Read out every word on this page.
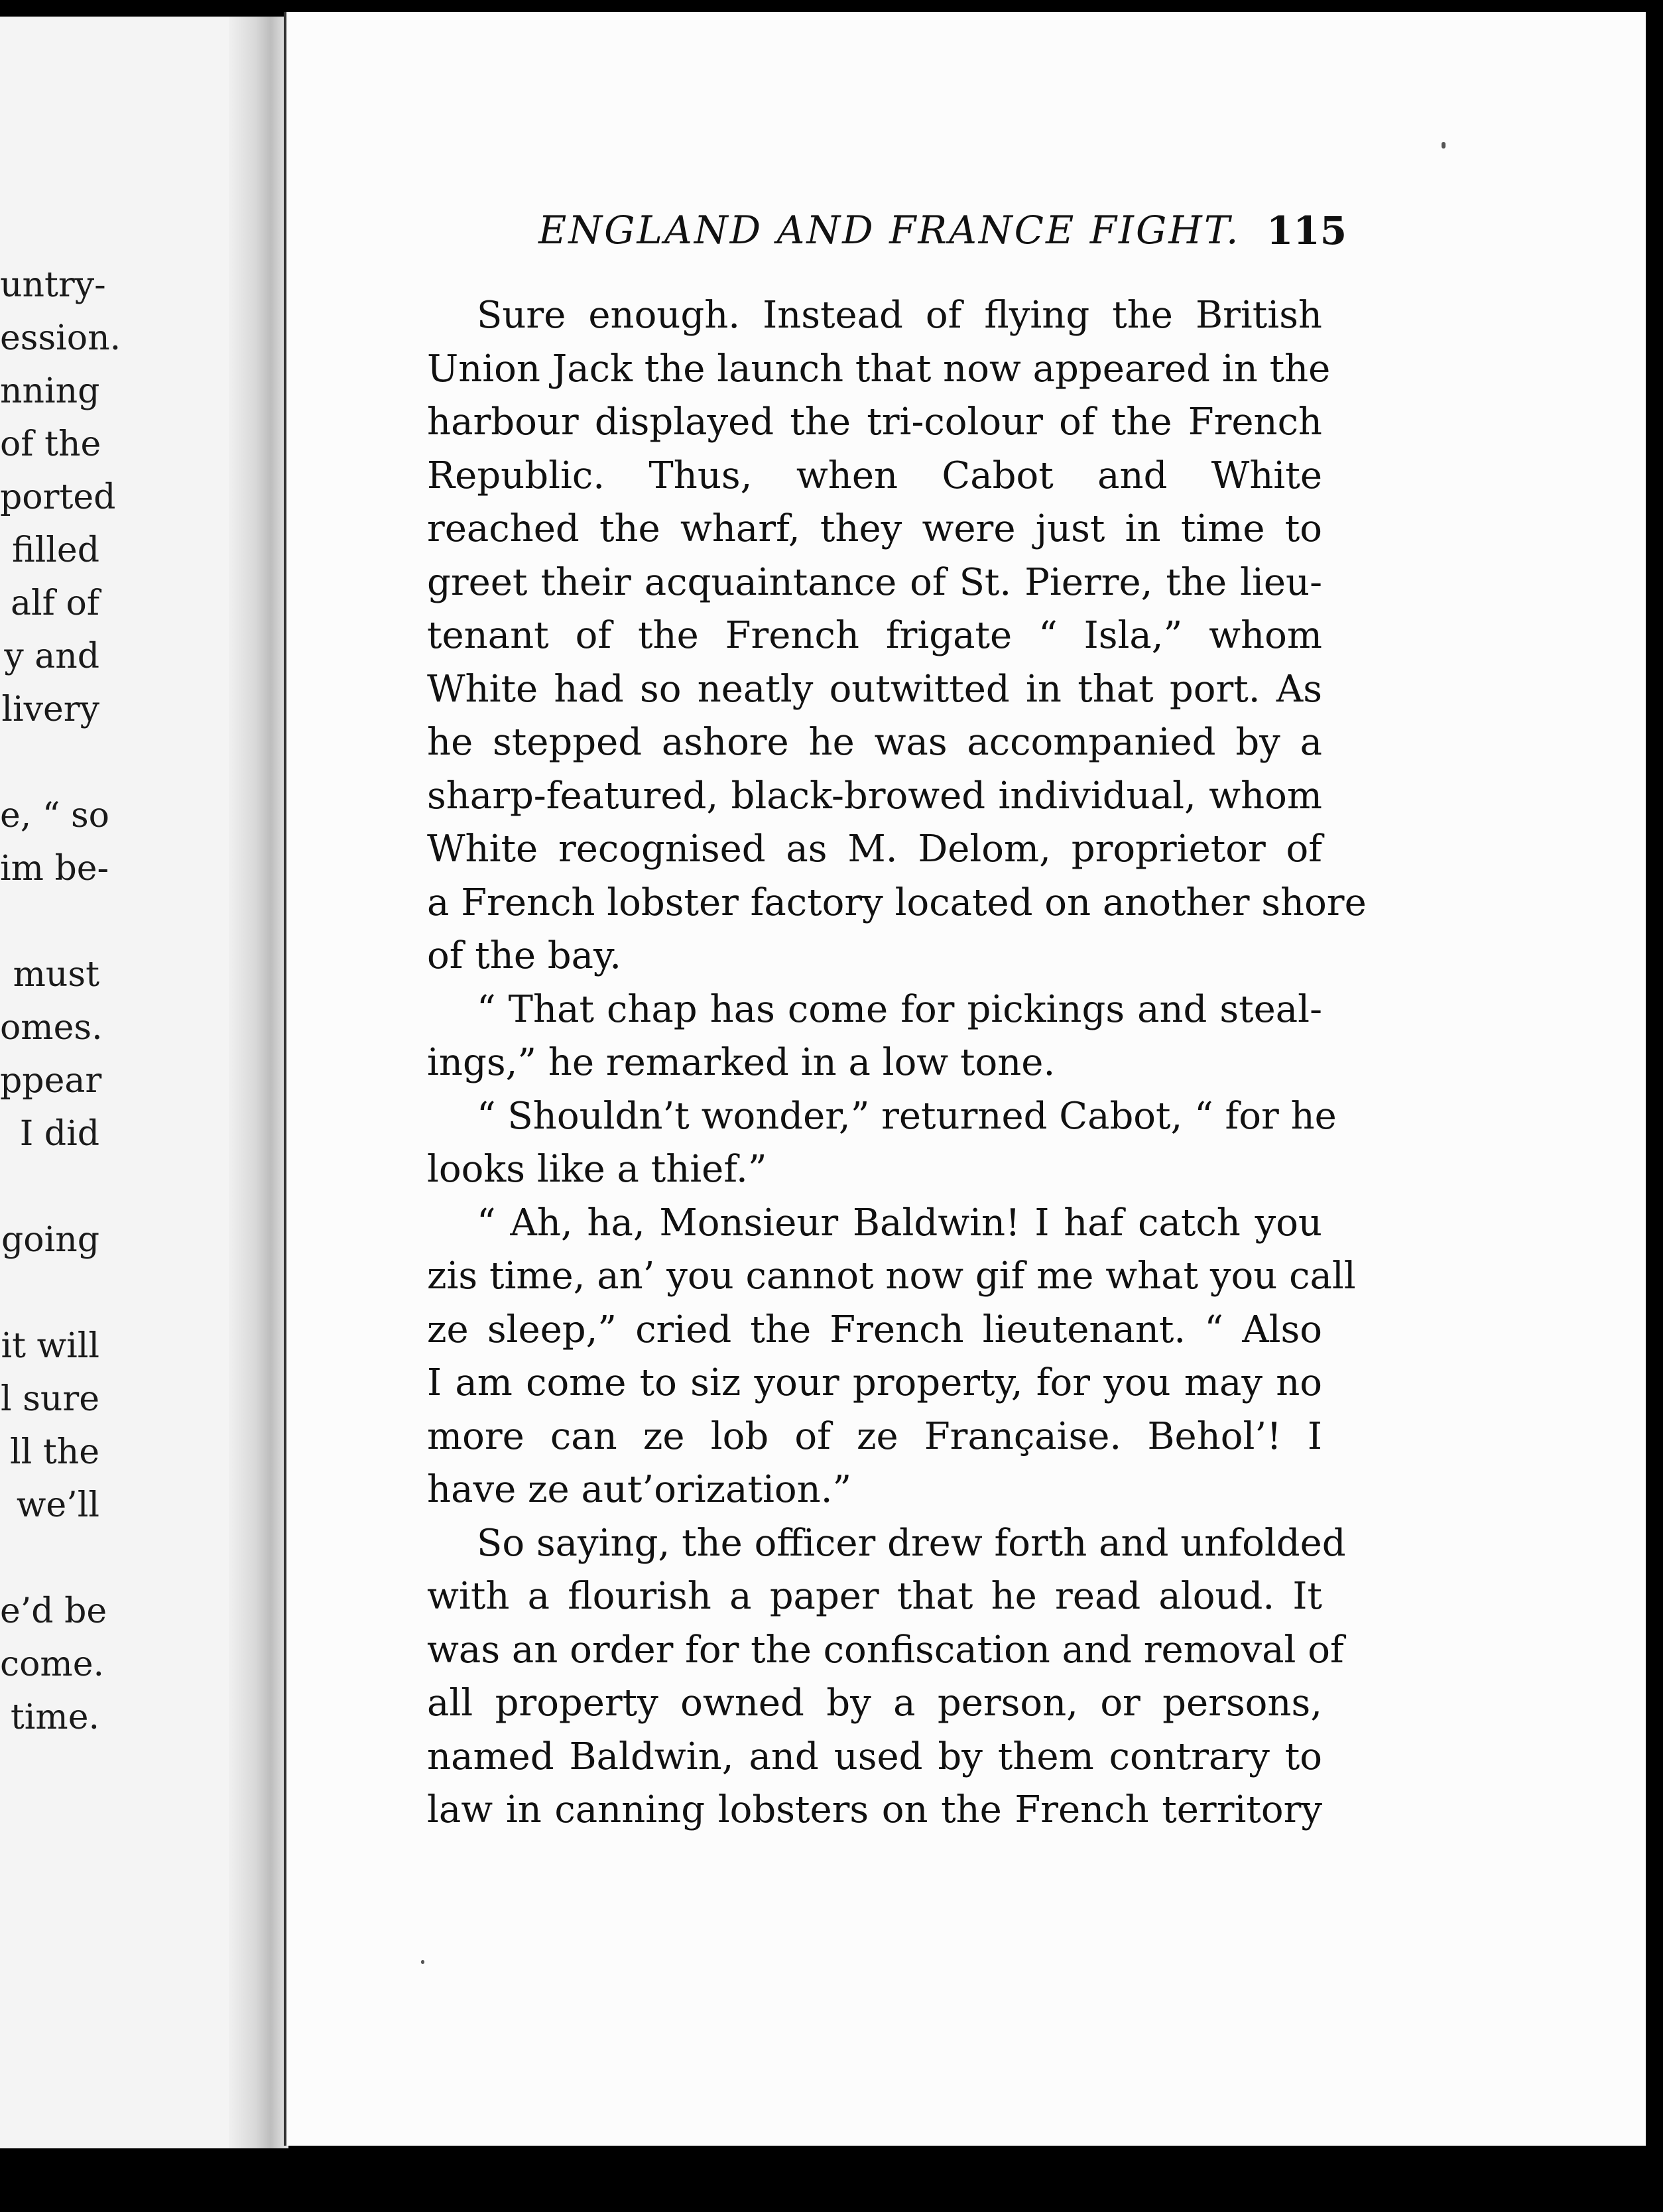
untry-
ession.
nning
of the
ported
filled
alf of
y and
livery
e, “ so
im be-
must
omes.
ppear
I did
going
it will
l sure
ll the
we’ll
e’d be
come.
time.
ENGLAND AND FRANCE FIGHT. 115
Sure enough. Instead of flying the British
Union Jack the launch that now appeared in the
harbour displayed the tri-colour of the French
Republic. Thus, when Cabot and White
reached the wharf, they were just in time to
greet their acquaintance of St. Pierre, the lieu-
tenant of the French frigate “ Isla,” whom
White had so neatly outwitted in that port. As
he stepped ashore he was accompanied by a
sharp-featured, black-browed individual, whom
White recognised as M. Delom, proprietor of
a French lobster factory located on another shore
of the bay.
“ That chap has come for pickings and steal-
ings,” he remarked in a low tone.
“ Shouldn’t wonder,” returned Cabot, “ for he
looks like a thief.”
“ Ah, ha, Monsieur Baldwin! I haf catch you
zis time, an’ you cannot now gif me what you call
ze sleep,” cried the French lieutenant. “ Also
I am come to siz your property, for you may no
more can ze lob of ze Française. Behol’! I
have ze aut’orization.”
So saying, the officer drew forth and unfolded
with a flourish a paper that he read aloud. It
was an order for the confiscation and removal of
all property owned by a person, or persons,
named Baldwin, and used by them contrary to
law in canning lobsters on the French territory
